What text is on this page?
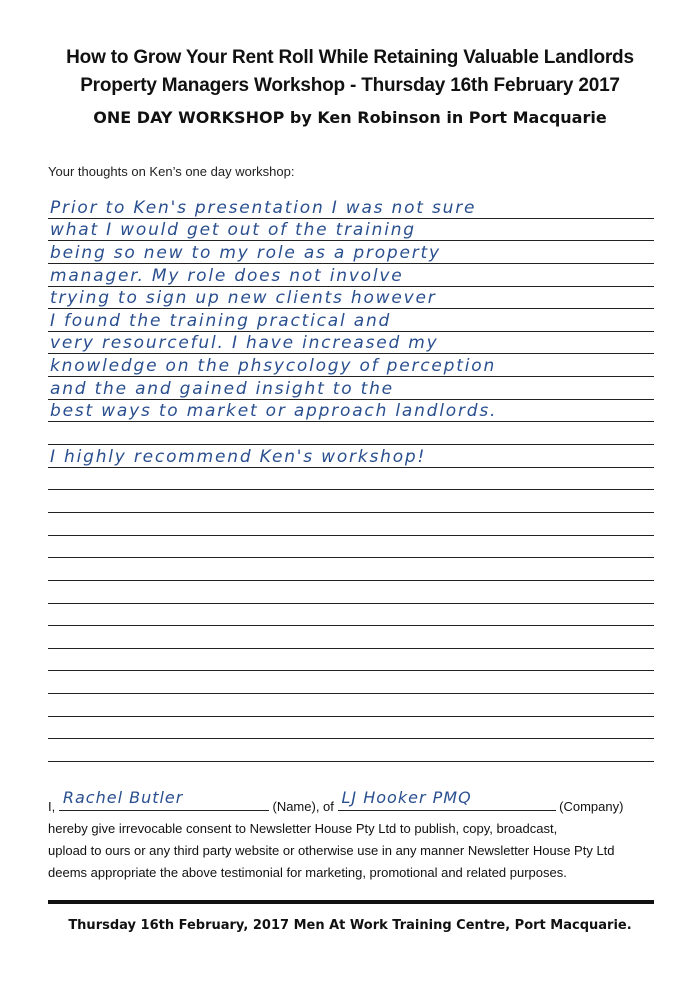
How to Grow Your Rent Roll While Retaining Valuable Landlords
Property Managers Workshop - Thursday 16th February 2017
ONE DAY WORKSHOP by Ken Robinson in Port Macquarie
Your thoughts on Ken’s one day workshop:
Prior to Ken's presentation I was not sure
what I would get out of the training
being so new to my role as a property
manager. My role does not involve
trying to sign up new clients however
I found the training practical and
very resourceful. I have increased my
knowledge on the phsycology of perception
and the and gained insight to the
best ways to market or approach landlords.
I highly recommend Ken's workshop!
I, Rachel Butler	(Name), of LJ Hooker PMQ	(Company)
hereby give irrevocable consent to Newsletter House Pty Ltd to publish, copy, broadcast,
upload to ours or any third party website or otherwise use in any manner Newsletter House Pty Ltd
deems appropriate the above testimonial for marketing, promotional and related purposes.
Thursday 16th February, 2017 Men At Work Training Centre, Port Macquarie.
